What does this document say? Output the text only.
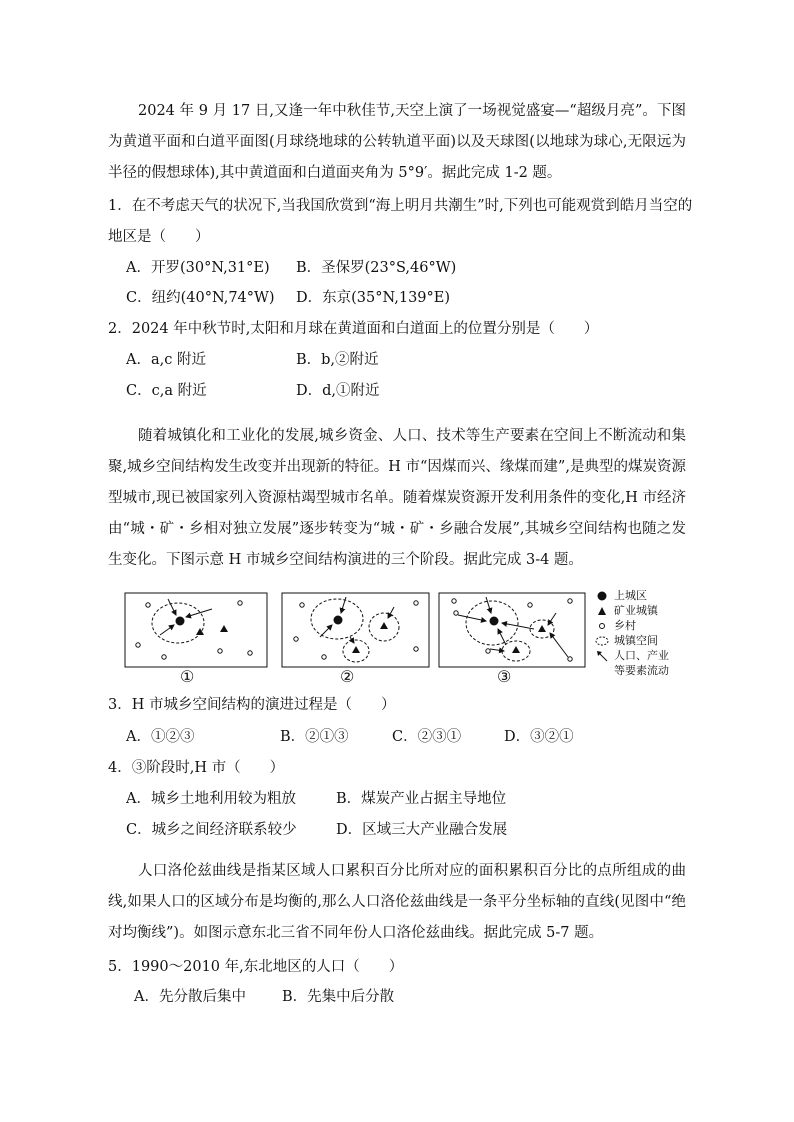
2024 年 9 月 17 日,又逢一年中秋佳节,天空上演了一场视觉盛宴—“超级月亮”。下图为黄道平面和白道平面图(月球绕地球的公转轨道平面)以及天球图(以地球为球心,无限远为半径的假想球体),其中黄道面和白道面夹角为 5°9′。据此完成 1-2 题。
1．在不考虑天气的状况下,当我国欣赏到“海上明月共潮生”时,下列也可能观赏到皓月当空的
地区是（　　）
A．开罗(30°N,31°E) B．圣保罗(23°S,46°W)
C．纽约(40°N,74°W) D．东京(35°N,139°E)
2．2024 年中秋节时,太阳和月球在黄道面和白道面上的位置分别是（　　）
A．a,c 附近	B．b,②附近
C．c,a 附近	D．d,①附近
随着城镇化和工业化的发展,城乡资金、人口、技术等生产要素在空间上不断流动和集聚,城乡空间结构发生改变并出现新的特征。H 市“因煤而兴、缘煤而建”,是典型的煤炭资源型城市,现已被国家列入资源枯竭型城市名单。随着煤炭资源开发利用条件的变化,H 市经济由“城・矿・乡相对独立发展”逐步转变为“城・矿・乡融合发展”,其城乡空间结构也随之发生变化。下图示意 H 市城乡空间结构演进的三个阶段。据此完成 3-4 题。
①	②	③
上城区
矿业城镇
乡村
城镇空间
人口、产业
等要素流动
3．H 市城乡空间结构的演进过程是（　　）
A．①②③	B．②①③	C．②③①	D．③②①
4．③阶段时,H 市（　　）
A．城乡土地利用较为粗放	B．煤炭产业占据主导地位
C．城乡之间经济联系较少	D．区域三大产业融合发展
人口洛伦兹曲线是指某区域人口累积百分比所对应的面积累积百分比的点所组成的曲线,如果人口的区域分布是均衡的,那么人口洛伦兹曲线是一条平分坐标轴的直线(见图中“绝对均衡线”)。如图示意东北三省不同年份人口洛伦兹曲线。据此完成 5-7 题。
5．1990～2010 年,东北地区的人口（　　）
A．先分散后集中 B．先集中后分散
